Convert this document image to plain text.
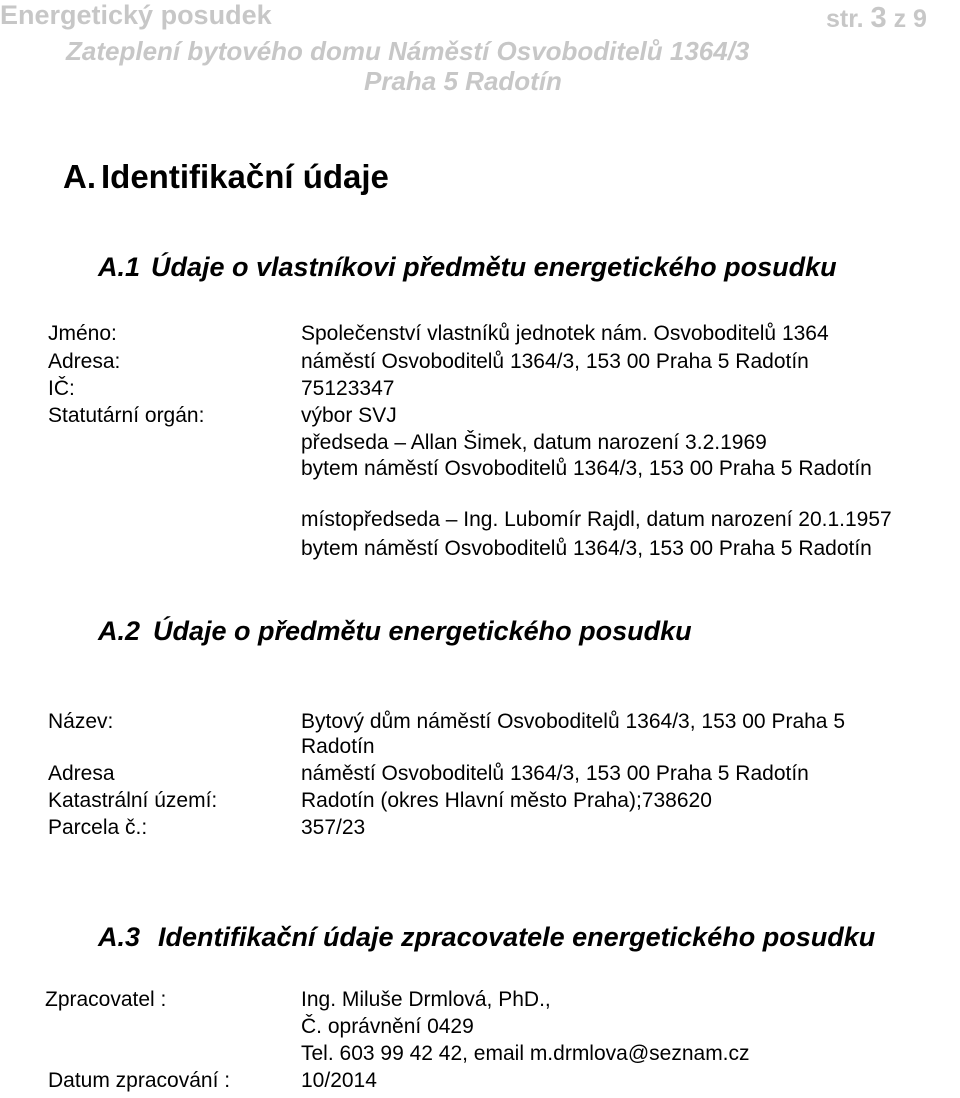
Energetický posudek	str. 3 z 9
Zateplení bytového domu Náměstí Osvoboditelů 1364/3
Praha 5 Radotín
A. Identifikační údaje
A.1 Údaje o vlastníkovi předmětu energetického posudku
Jméno:	Společenství vlastníků jednotek nám. Osvoboditelů 1364
Adresa:	náměstí Osvoboditelů 1364/3, 153 00 Praha 5 Radotín
IČ:	75123347
Statutární orgán:	výbor SVJ
předseda – Allan Šimek, datum narození 3.2.1969
bytem náměstí Osvoboditelů 1364/3, 153 00 Praha 5 Radotín
místopředseda – Ing. Lubomír Rajdl, datum narození 20.1.1957
bytem náměstí Osvoboditelů 1364/3, 153 00 Praha 5 Radotín
A.2 Údaje o předmětu energetického posudku
Název:	Bytový dům náměstí Osvoboditelů 1364/3, 153 00 Praha 5
Radotín
Adresa	náměstí Osvoboditelů 1364/3, 153 00 Praha 5 Radotín
Katastrální území:	Radotín (okres Hlavní město Praha);738620
Parcela č.:	357/23
A.3 Identifikační údaje zpracovatele energetického posudku
Zpracovatel :	Ing. Miluše Drmlová, PhD.,
Č. oprávnění 0429
Tel. 603 99 42 42, email m.drmlova@seznam.cz
Datum zpracování :	10/2014
